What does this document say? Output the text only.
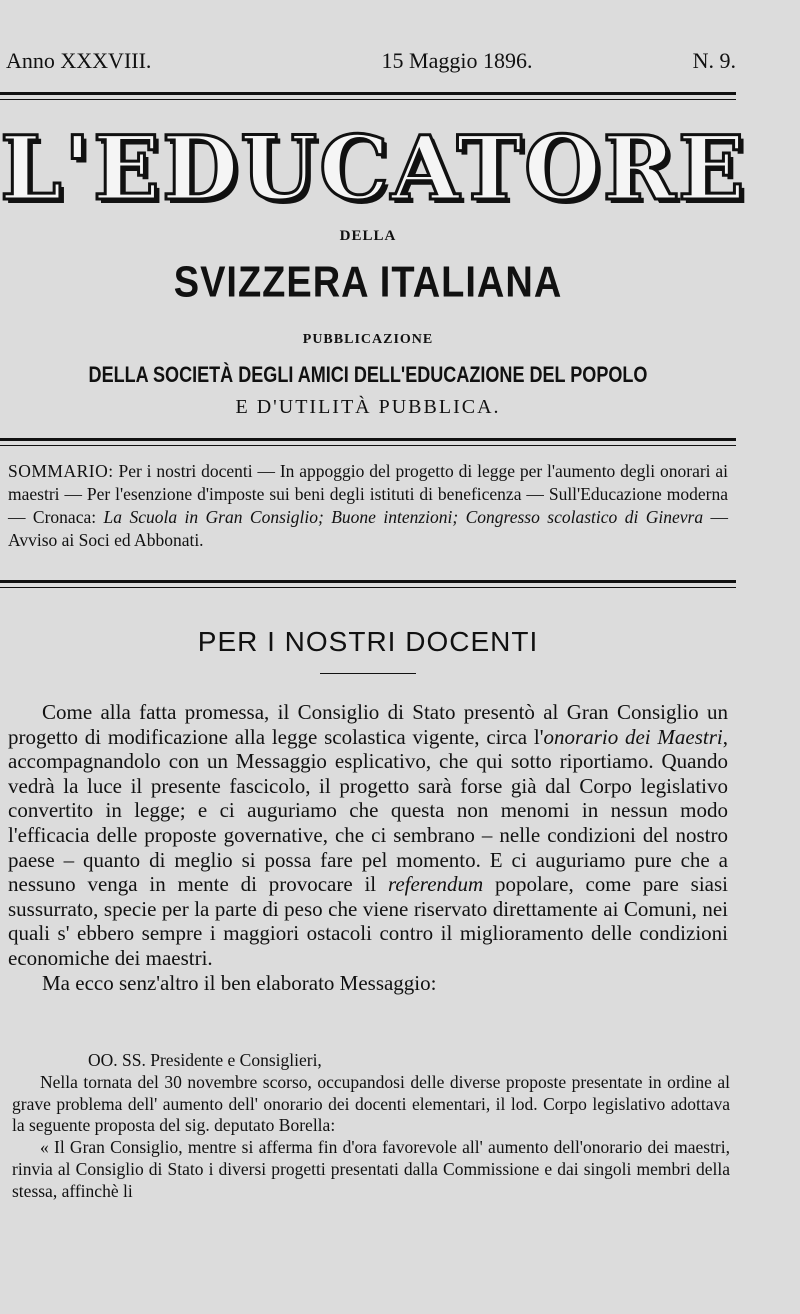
Anno XXXVIII.	15 Maggio 1896.	N. 9.
L'EDUCATORE
DELLA
SVIZZERA ITALIANA
PUBBLICAZIONE
DELLA SOCIETÀ DEGLI AMICI DELL'EDUCAZIONE DEL POPOLO
E D'UTILITÀ PUBBLICA.
SOMMARIO: Per i nostri docenti — In appoggio del progetto di legge per l'aumento degli onorari ai maestri — Per l'esenzione d'imposte sui beni degli istituti di beneficenza — Sull'Educazione moderna — Cronaca: La Scuola in Gran Consiglio; Buone intenzioni; Congresso scolastico di Ginevra — Avviso ai Soci ed Abbonati.
PER I NOSTRI DOCENTI

Come alla fatta promessa, il Consiglio di Stato presentò al Gran Consiglio un progetto di modificazione alla legge scolastica vigente, circa l'onorario dei Maestri, accompagnandolo con un Messaggio esplicativo, che qui sotto riportiamo. Quando vedrà la luce il presente fascicolo, il progetto sarà forse già dal Corpo legislativo convertito in legge; e ci auguriamo che questa non menomi in nessun modo l'efficacia delle proposte governative, che ci sembrano – nelle condizioni del nostro paese – quanto di meglio si possa fare pel momento. E ci auguriamo pure che a nessuno venga in mente di provocare il referendum popolare, come pare siasi sussurrato, specie per la parte di peso che viene riservato direttamente ai Comuni, nei quali s' ebbero sempre i maggiori ostacoli contro il miglioramento delle condizioni economiche dei maestri.

Ma ecco senz'altro il ben elaborato Messaggio:

OO. SS. Presidente e Consiglieri,

Nella tornata del 30 novembre scorso, occupandosi delle diverse proposte presentate in ordine al grave problema dell' aumento dell' onorario dei docenti elementari, il lod. Corpo legislativo adottava la seguente proposta del sig. deputato Borella:

« Il Gran Consiglio, mentre si afferma fin d'ora favorevole all' aumento dell'onorario dei maestri, rinvia al Consiglio di Stato i diversi progetti presentati dalla Commissione e dai singoli membri della stessa, affinchè li
